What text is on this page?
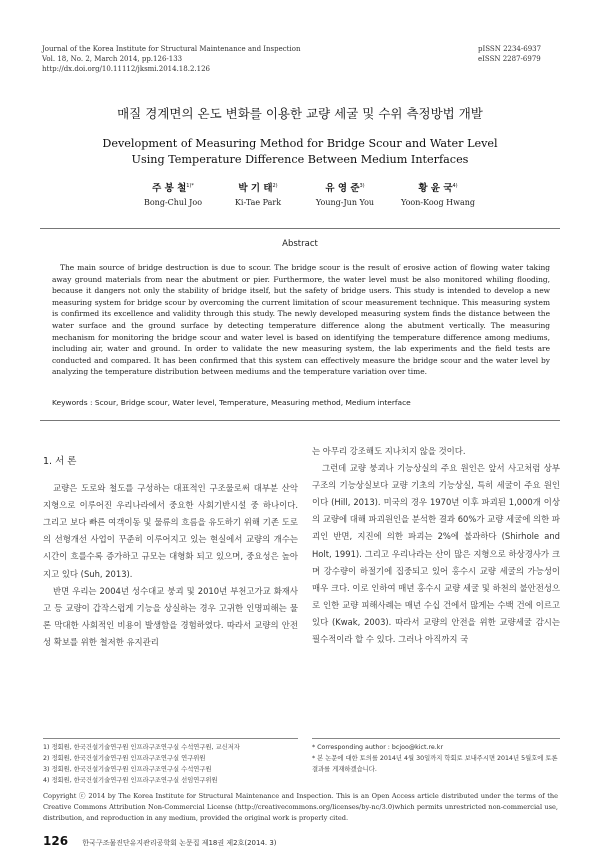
Journal of the Korea Institute for Structural Maintenance and Inspection
Vol. 18, No. 2, March 2014, pp.126-133
http://dx.doi.org/10.11112/jksmi.2014.18.2.126
pISSN 2234-6937
eISSN 2287-6979
매질 경계면의 온도 변화를 이용한 교량 세굴 및 수위 측정방법 개발
Development of Measuring Method for Bridge Scour and Water Level
Using Temperature Difference Between Medium Interfaces
주 봉 철$^{1)*}$
Bong-Chul Joo
박 기 태$^{2)}$
Ki-Tae Park
유 영 준$^{3)}$
Young-Jun You
황 윤 국$^{4)}$
Yoon-Koog Hwang
Abstract
The main source of bridge destruction is due to scour. The bridge scour is the result of erosive action of flowing water taking away ground materials from near the abutment or pier. Furthermore, the water level must be also monitored whiling flooding, because it dangers not only the stability of bridge itself, but the safety of bridge users. This study is intended to develop a new measuring system for bridge scour by overcoming the current limitation of scour measurement technique. This measuring system is confirmed its excellence and validity through this study. The newly developed measuring system finds the distance between the water surface and the ground surface by detecting temperature difference along the abutment vertically. The measuring mechanism for monitoring the bridge scour and water level is based on identifying the temperature difference among mediums, including air, water and ground. In order to validate the new measuring system, the lab experiments and the field tests are conducted and compared. It has been confirmed that this system can effectively measure the bridge scour and the water level by analyzing the temperature distribution between mediums and the temperature variation over time.
Keywords : Scour, Bridge scour, Water level, Temperature, Measuring method, Medium interface
1. 서 론

교량은 도로와 철도를 구성하는 대표적인 구조물로써 대부분 산악 지형으로 이루어진 우리나라에서 중요한 사회기반시설 중 하나이다. 그리고 보다 빠른 여객이동 및 물류의 흐름을 유도하기 위해 기존 도로의 선형개선 사업이 꾸준히 이루어지고 있는 현실에서 교량의 개수는 시간이 흐를수록 증가하고 규모는 대형화 되고 있으며, 중요성은 높아지고 있다 (Suh, 2013).

반면 우리는 2004년 성수대교 붕괴 및 2010년 부천고가교 화재사고 등 교량이 갑작스럽게 기능을 상실하는 경우 고귀한 인명피해는 물론 막대한 사회적인 비용이 발생함을 경험하였다. 따라서 교량의 안전성 확보를 위한 철저한 유지관리

는 아무리 강조해도 지나치지 않을 것이다.

그런데 교량 붕괴나 기능상실의 주요 원인은 앞서 사고처럼 상부구조의 기능상실보다 교량 기초의 기능상실, 특히 세굴이 주요 원인이다 (Hill, 2013). 미국의 경우 1970년 이후 파괴된 1,000개 이상의 교량에 대해 파괴원인을 분석한 결과 60%가 교량 세굴에 의한 파괴인 반면, 지진에 의한 파괴는 2%에 불과하다 (Shirhole and Holt, 1991). 그리고 우리나라는 산이 많은 지형으로 하상경사가 크며 강수량이 하절기에 집중되고 있어 홍수시 교량 세굴의 가능성이 매우 크다. 이로 인하여 매년 홍수시 교량 세굴 및 하천의 불안전성으로 인한 교량 피해사례는 매년 수십 건에서 많게는 수백 건에 이르고 있다 (Kwak, 2003). 따라서 교량의 안전을 위한 교량세굴 감시는 필수적이라 할 수 있다. 그러나 아직까지 국

1) 정회원, 한국건설기술연구원 인프라구조연구실 수석연구원, 교신저자
2) 정회원, 한국건설기술연구원 인프라구조연구실 연구위원
3) 정회원, 한국건설기술연구원 인프라구조연구실 수석연구원
4) 정회원, 한국건설기술연구원 인프라구조연구실 선임연구위원
* Corresponding author : bcjoo@kict.re.kr
* 본 논문에 대한 토의를 2014년 4월 30일까지 학회로 보내주시면 2014년 5월호에 토론결과를 게재하겠습니다.
Copyright ⓒ 2014 by The Korea Institute for Structural Maintenance and Inspection. This is an Open Access article distributed under the terms of the Creative Commons Attribution Non-Commercial License (http://creativecommons.org/licenses/by-nc/3.0)which permits unrestricted non-commercial use, distribution, and reproduction in any medium, provided the original work is properly cited.
126 한국구조물진단유지관리공학회 논문집 제18권 제2호(2014. 3)
